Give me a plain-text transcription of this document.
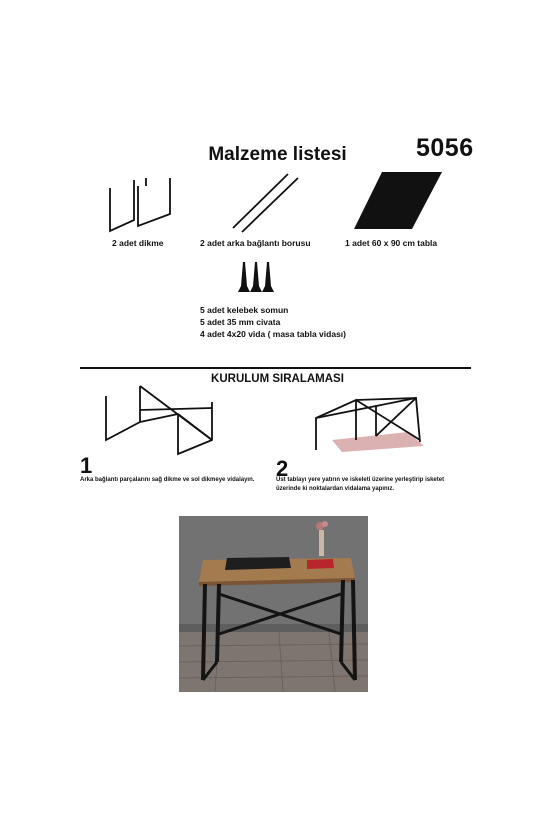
Malzeme listesi	5056
2 adet dikme	2 adet arka bağlantı borusu	1 adet 60 x 90 cm tabla
5 adet kelebek somun
5 adet 35 mm civata
4 adet 4x20 vida ( masa tabla vidası)
KURULUM SIRALAMASI
1
Arka bağlantı parçalarını sağ dikme ve sol dikmeye vidalayın. 2
Üst tablayı yere yatırın ve iskeleti üzerine yerleştirip isketet
üzerinde ki noktalardan vidalama yapınız.
